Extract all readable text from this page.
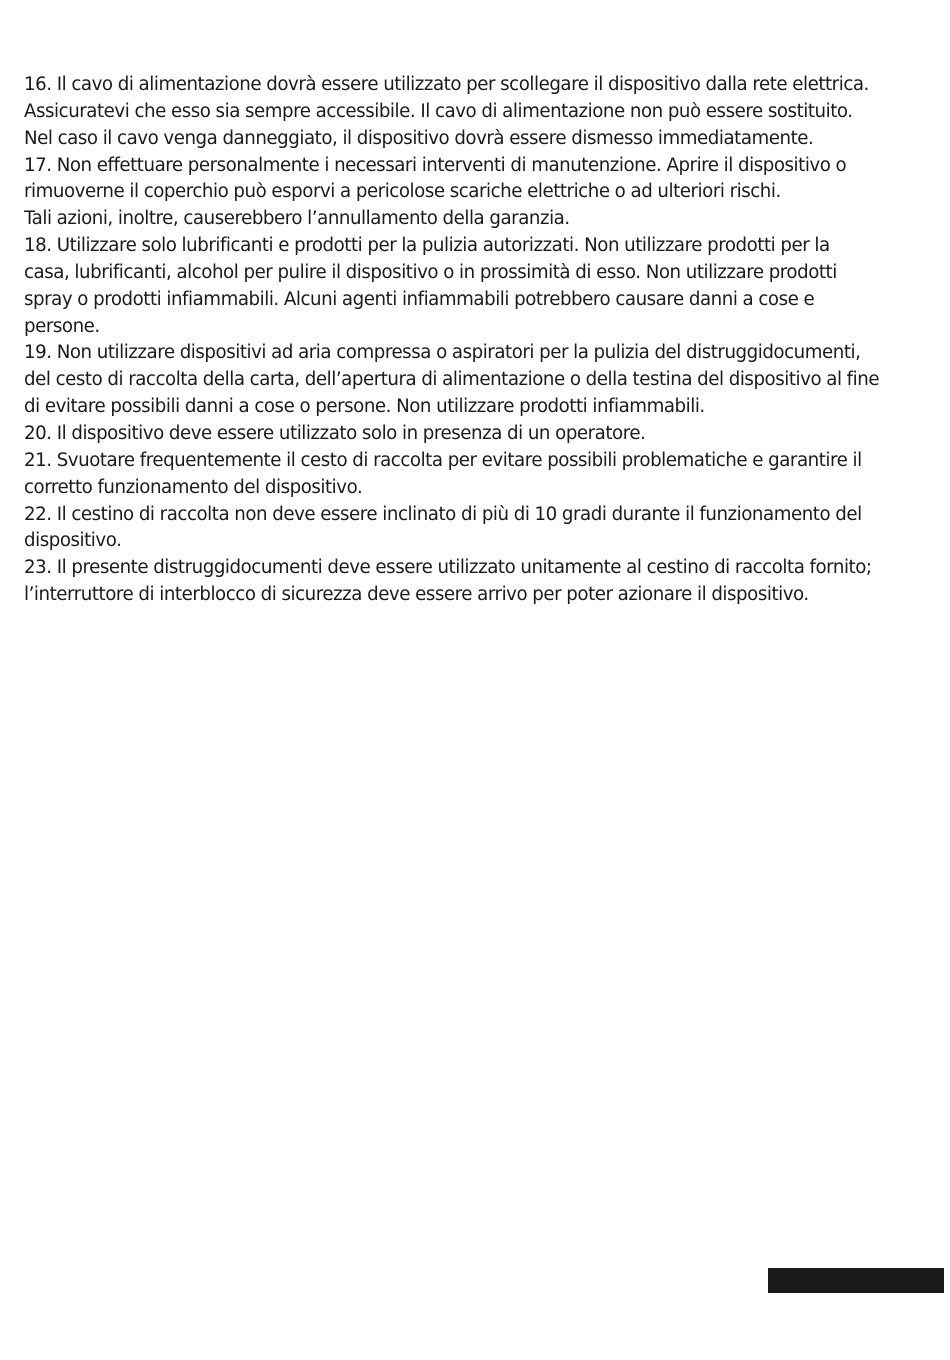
16. Il cavo di alimentazione dovrà essere utilizzato per scollegare il dispositivo dalla rete elettrica.
Assicuratevi che esso sia sempre accessibile. Il cavo di alimentazione non può essere sostituito.
Nel caso il cavo venga danneggiato, il dispositivo dovrà essere dismesso immediatamente.
17. Non effettuare personalmente i necessari interventi di manutenzione. Aprire il dispositivo o
rimuoverne il coperchio può esporvi a pericolose scariche elettriche o ad ulteriori rischi.
Tali azioni, inoltre, causerebbero l’annullamento della garanzia.
18. Utilizzare solo lubrificanti e prodotti per la pulizia autorizzati. Non utilizzare prodotti per la
casa, lubrificanti, alcohol per pulire il dispositivo o in prossimità di esso. Non utilizzare prodotti
spray o prodotti infiammabili. Alcuni agenti infiammabili potrebbero causare danni a cose e
persone.
19. Non utilizzare dispositivi ad aria compressa o aspiratori per la pulizia del distruggidocumenti,
del cesto di raccolta della carta, dell’apertura di alimentazione o della testina del dispositivo al fine
di evitare possibili danni a cose o persone. Non utilizzare prodotti infiammabili.
20. Il dispositivo deve essere utilizzato solo in presenza di un operatore.
21. Svuotare frequentemente il cesto di raccolta per evitare possibili problematiche e garantire il
corretto funzionamento del dispositivo.
22. Il cestino di raccolta non deve essere inclinato di più di 10 gradi durante il funzionamento del
dispositivo.
23. Il presente distruggidocumenti deve essere utilizzato unitamente al cestino di raccolta fornito;
l’interruttore di interblocco di sicurezza deve essere arrivo per poter azionare il dispositivo.
